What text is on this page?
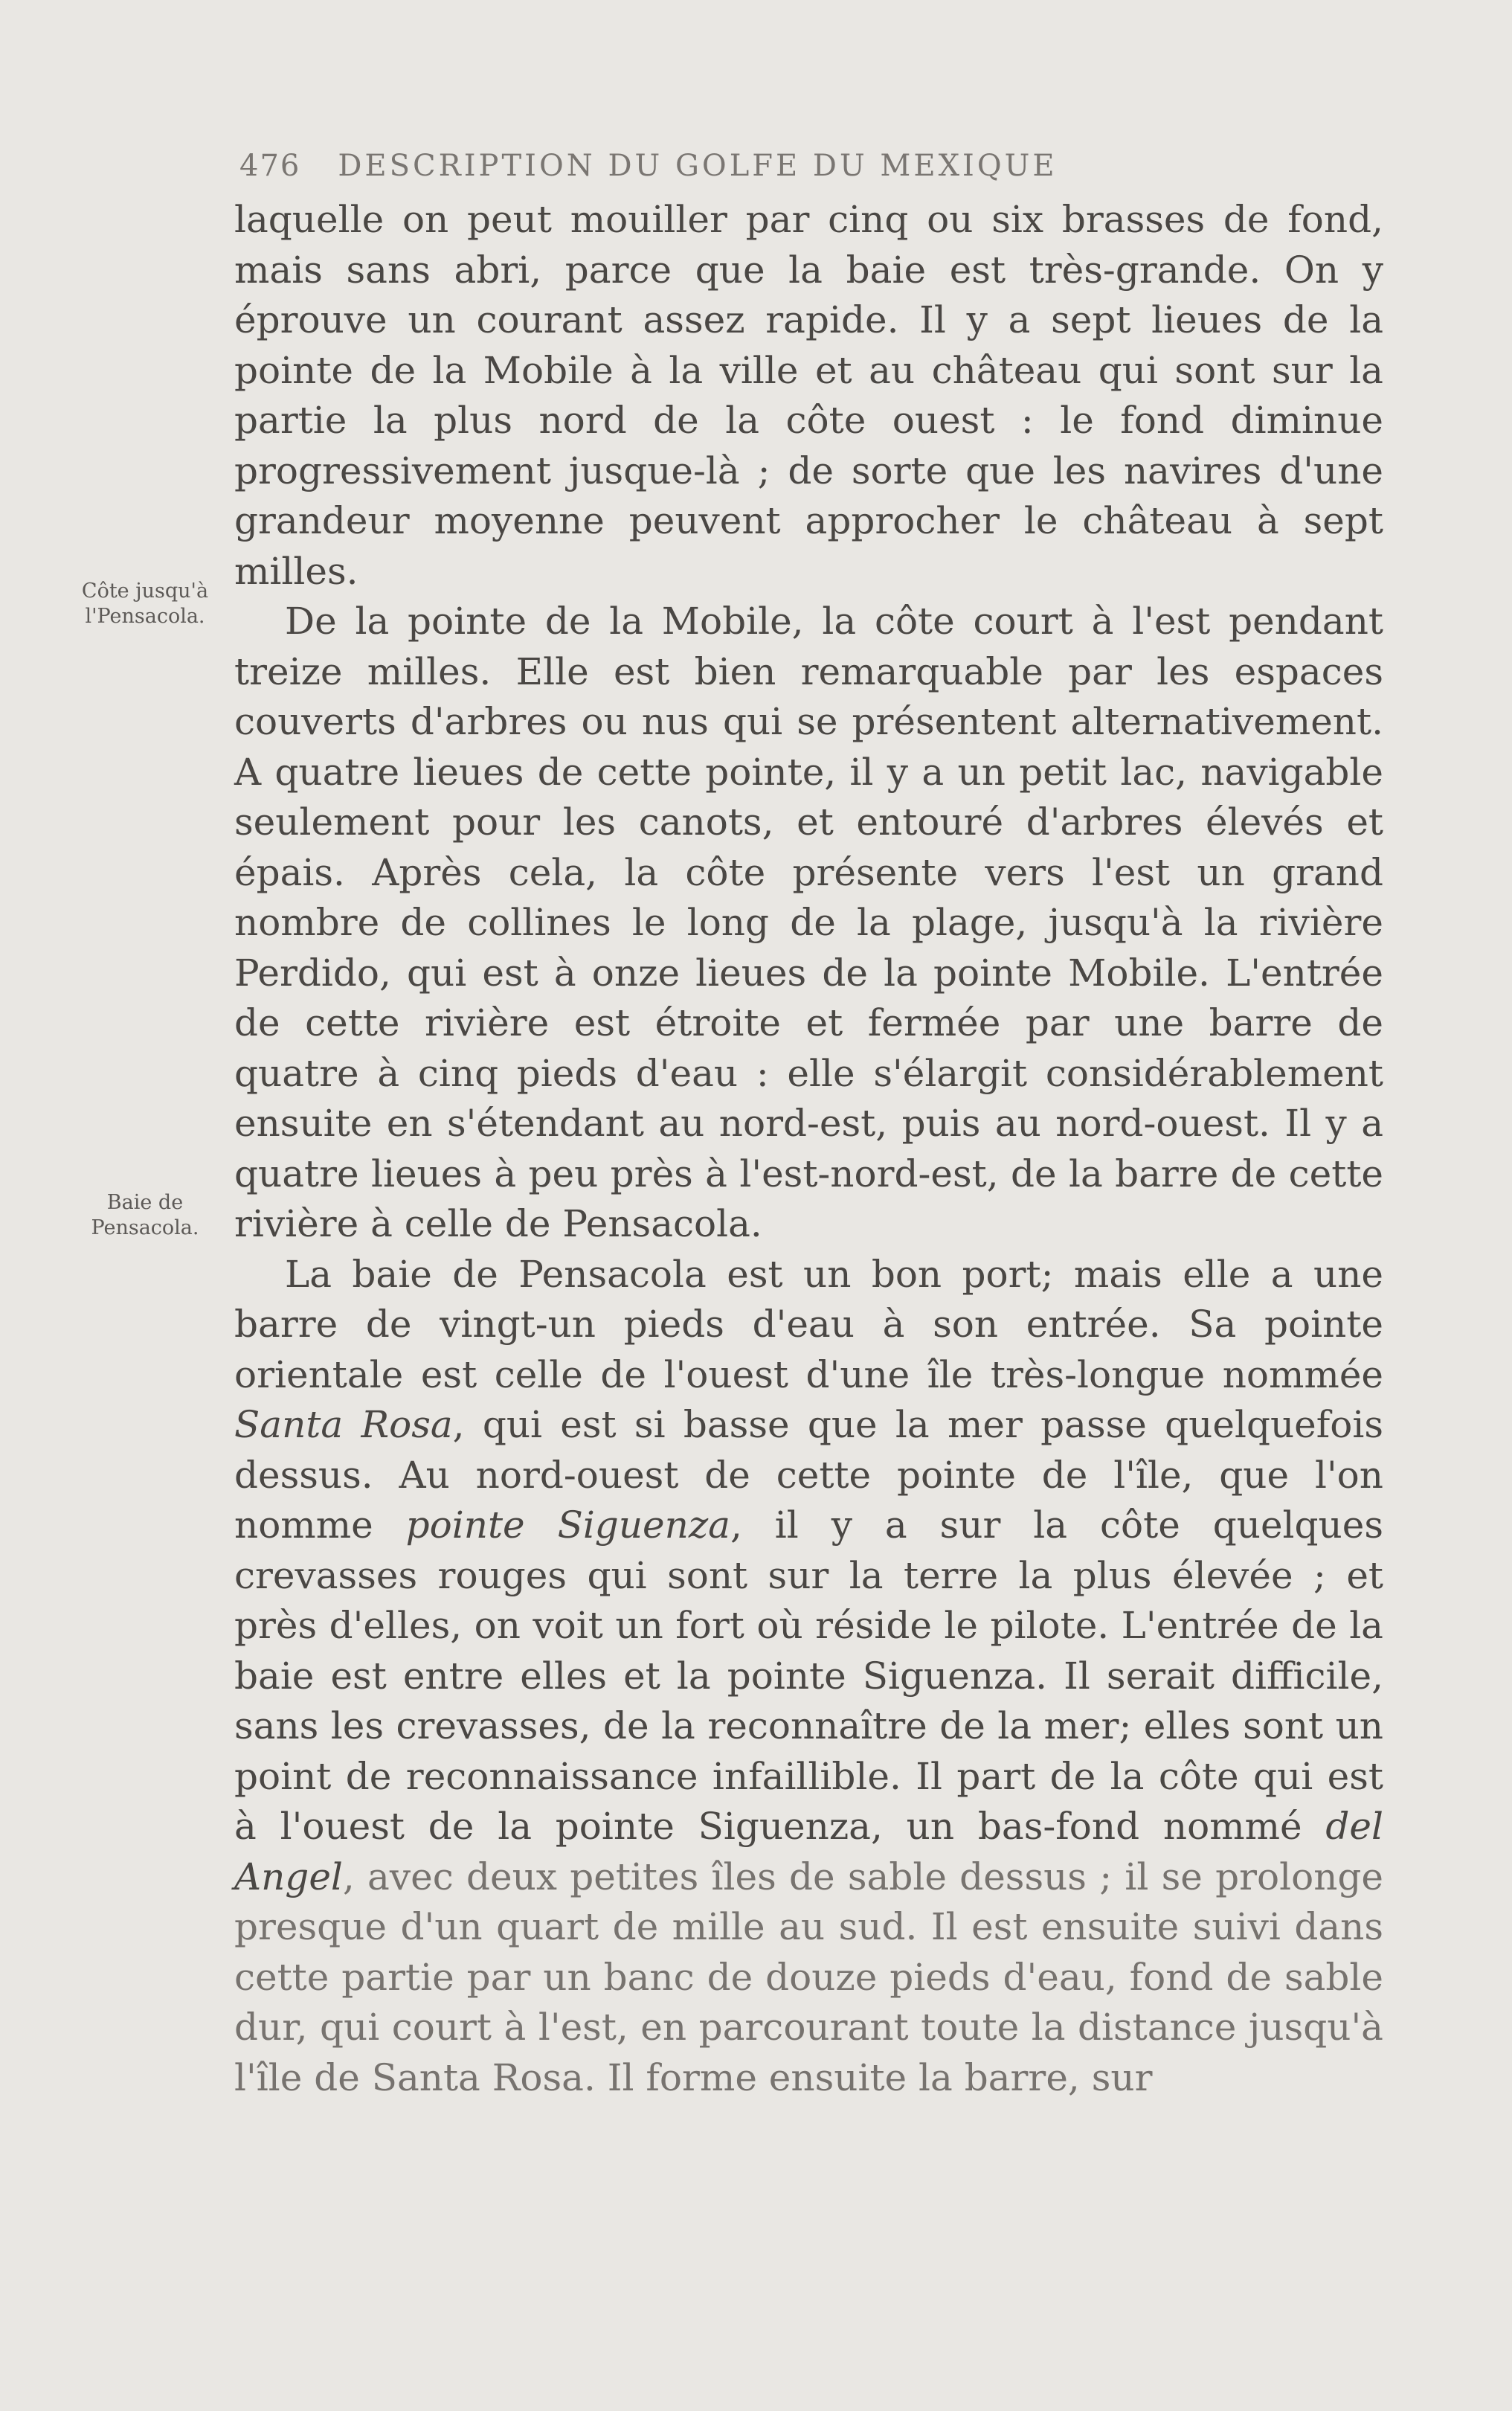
476 DESCRIPTION DU GOLFE DU MEXIQUE
Côte jusqu'à l'Pensacola.
Baie de Pensacola.

laquelle on peut mouiller par cinq ou six brasses de fond, mais sans abri, parce que la baie est très-grande. On y éprouve un courant assez rapide. Il y a sept lieues de la pointe de la Mobile à la ville et au château qui sont sur la partie la plus nord de la côte ouest : le fond diminue progressivement jusque-là ; de sorte que les navires d'une grandeur moyenne peuvent approcher le château à sept milles.

De la pointe de la Mobile, la côte court à l'est pendant treize milles. Elle est bien remarquable par les espaces couverts d'arbres ou nus qui se présentent alternativement. A quatre lieues de cette pointe, il y a un petit lac, navigable seulement pour les canots, et entouré d'arbres élevés et épais. Après cela, la côte présente vers l'est un grand nombre de collines le long de la plage, jusqu'à la rivière Perdido, qui est à onze lieues de la pointe Mobile. L'entrée de cette rivière est étroite et fermée par une barre de quatre à cinq pieds d'eau : elle s'élargit considérablement ensuite en s'étendant au nord-est, puis au nord-ouest. Il y a quatre lieues à peu près à l'est-nord-est, de la barre de cette rivière à celle de Pensacola.

La baie de Pensacola est un bon port; mais elle a une barre de vingt-un pieds d'eau à son entrée. Sa pointe orientale est celle de l'ouest d'une île très-longue nommée Santa Rosa, qui est si basse que la mer passe quelquefois dessus. Au nord-ouest de cette pointe de l'île, que l'on nomme pointe Siguenza, il y a sur la côte quelques crevasses rouges qui sont sur la terre la plus élevée ; et près d'elles, on voit un fort où réside le pilote. L'entrée de la baie est entre elles et la pointe Siguenza. Il serait difficile, sans les crevasses, de la reconnaître de la mer; elles sont un point de reconnaissance infaillible. Il part de la côte qui est à l'ouest de la pointe Siguenza, un bas-fond nommé del Angel, avec deux petites îles de sable dessus ; il se prolonge presque d'un quart de mille au sud. Il est ensuite suivi dans cette partie par un banc de douze pieds d'eau, fond de sable dur, qui court à l'est, en parcourant toute la distance jusqu'à l'île de Santa Rosa. Il forme ensuite la barre, sur
